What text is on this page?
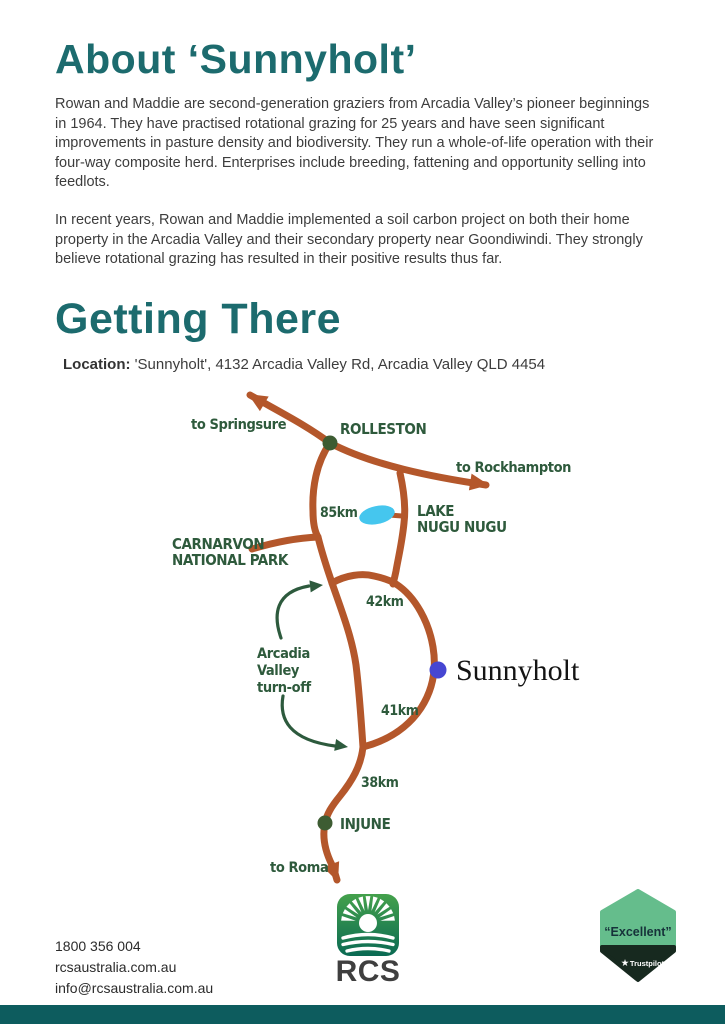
About ‘Sunnyholt’
Rowan and Maddie are second-generation graziers from Arcadia Valley’s pioneer beginnings in 1964. They have practised rotational grazing for 25 years and have seen significant improvements in pasture density and biodiversity. They run a whole-of-life operation with their four-way composite herd. Enterprises include breeding, fattening and opportunity selling into feedlots.
In recent years, Rowan and Maddie implemented a soil carbon project on both their home property in the Arcadia Valley and their secondary property near Goondiwindi. They strongly believe rotational grazing has resulted in their positive results thus far.
Getting There
Location: 'Sunnyholt', 4132 Arcadia Valley Rd, Arcadia Valley QLD 4454
to Springsure	ROLLESTON
to Rockhampton
85km	LAKE
NUGU NUGU
CARNARVON
NATIONAL PARK
42km
Arcadia
Valley
turn-off
Sunnyholt
41km
38km
INJUNE
to Roma
1800 356 004
rcsaustralia.com.au
info@rcsaustralia.com.au	RCS
“Excellent”
★ Trustpilot
